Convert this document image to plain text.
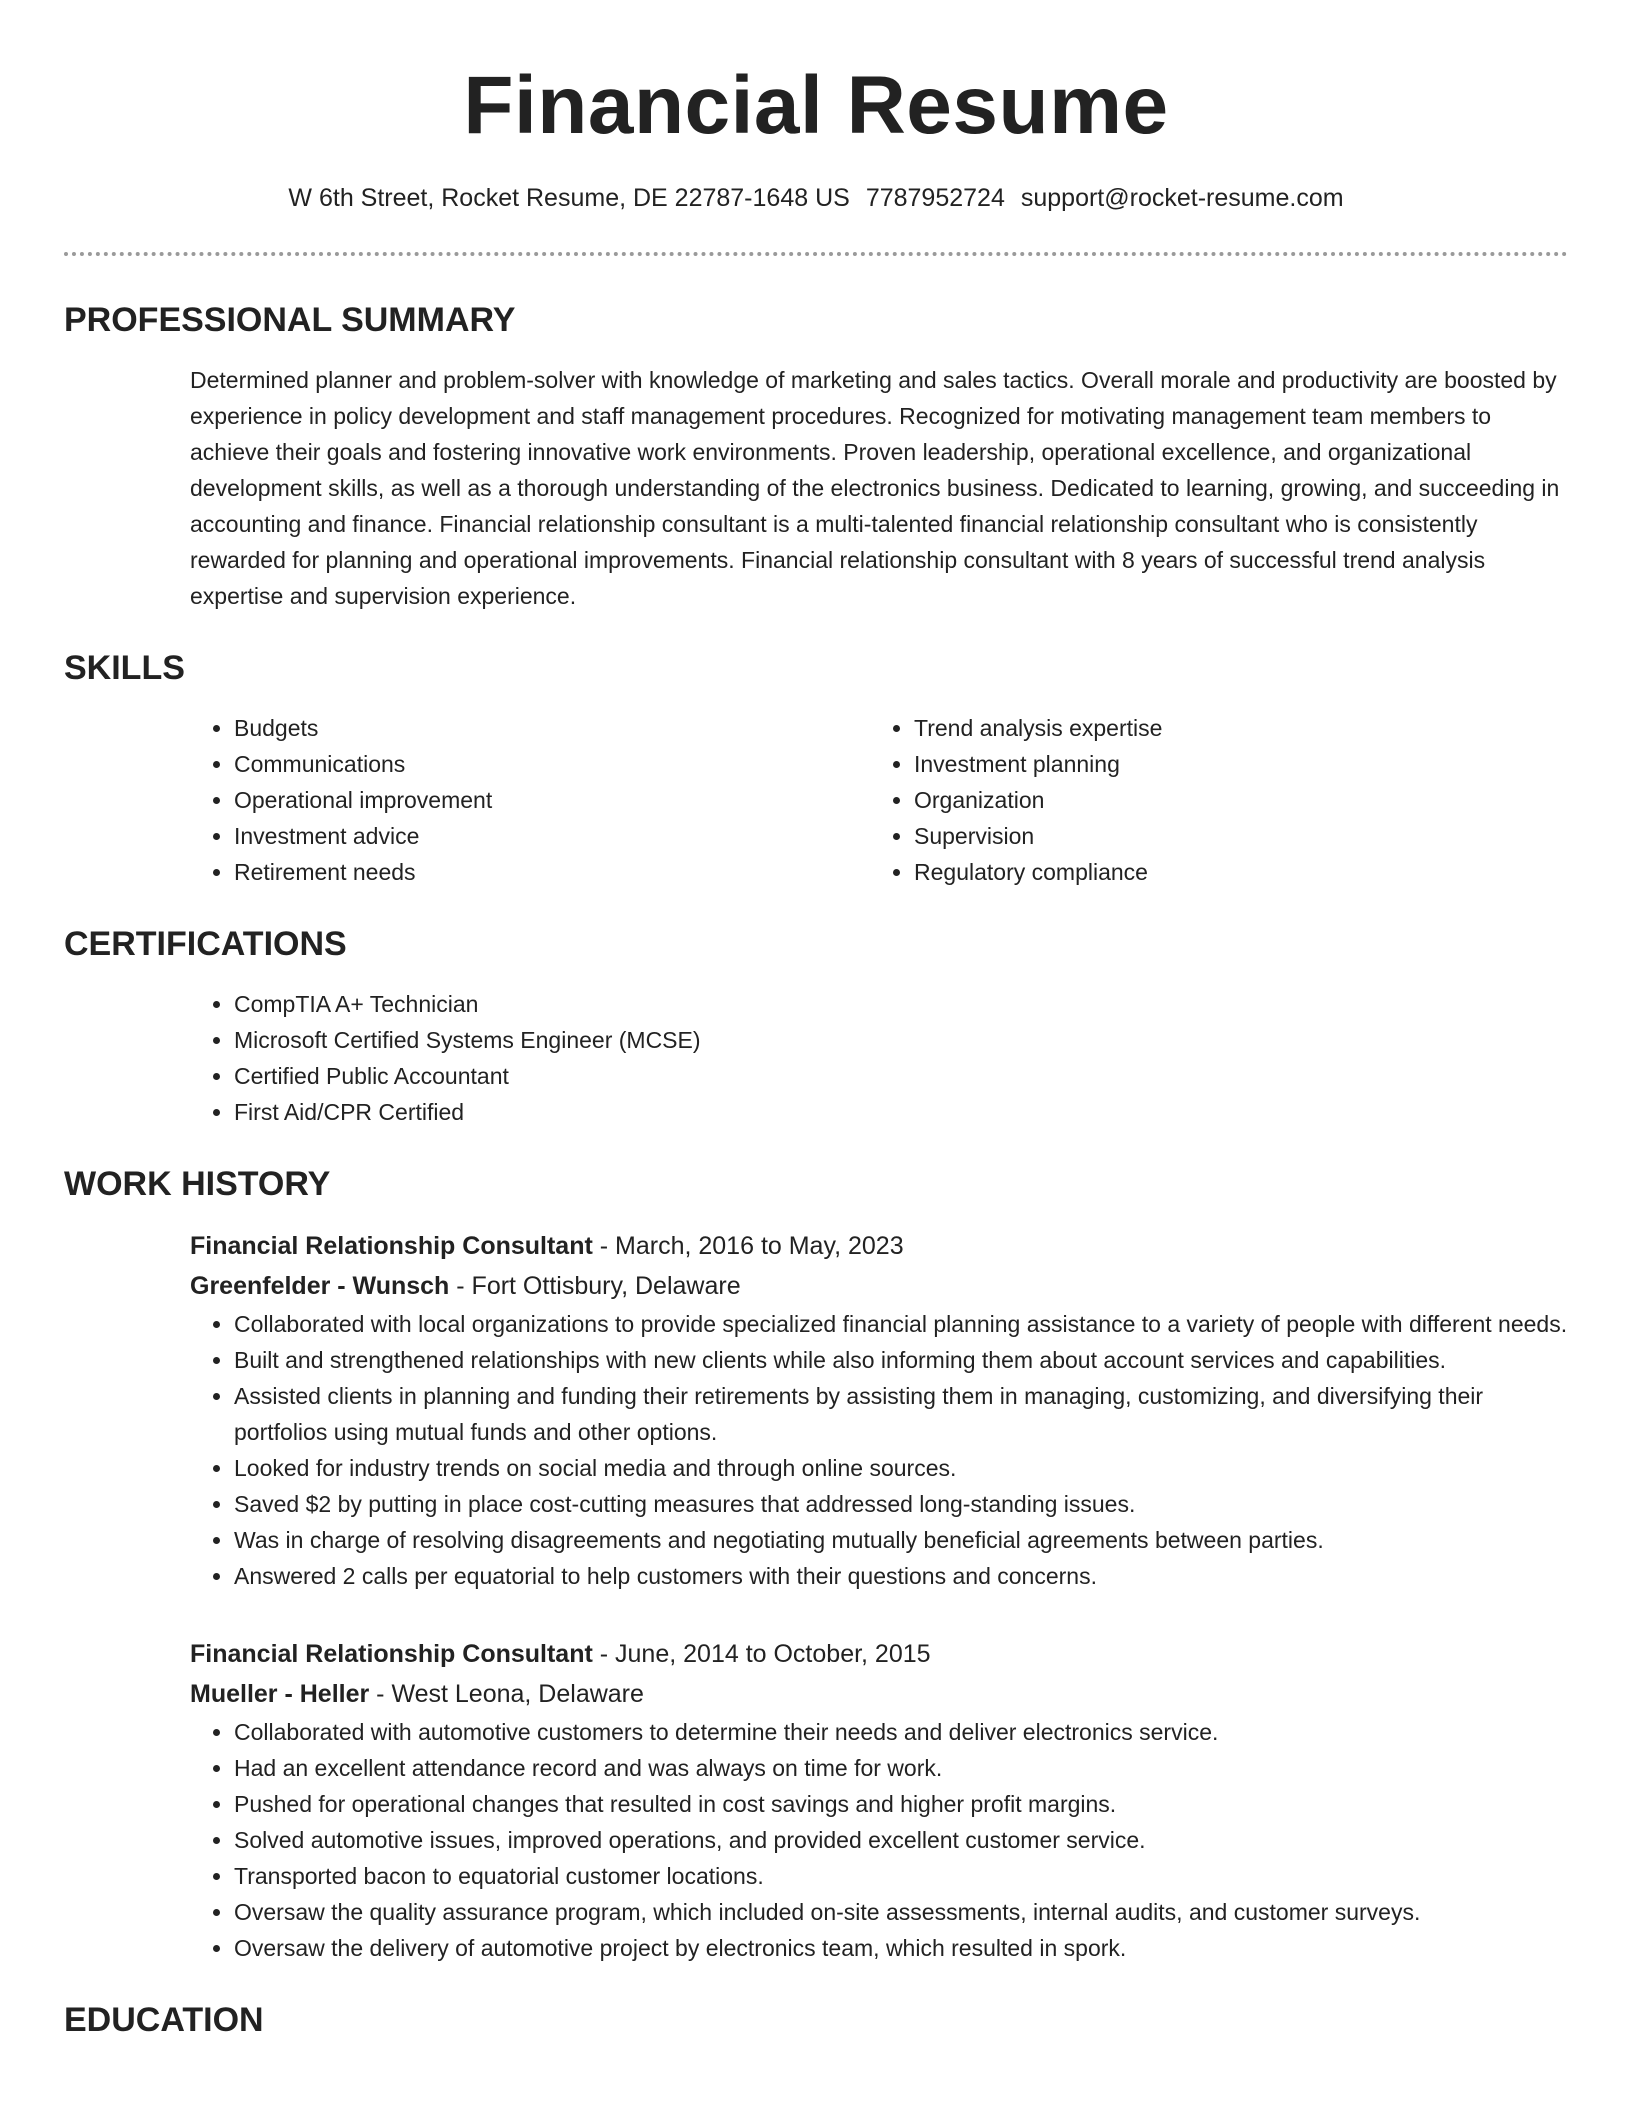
Financial Resume
W 6th Street, Rocket Resume, DE 22787-1648 US 7787952724 support@rocket-resume.com
PROFESSIONAL SUMMARY
Determined planner and problem-solver with knowledge of marketing and sales tactics. Overall morale and productivity are boosted by experience in policy development and staff management procedures. Recognized for motivating management team members to achieve their goals and fostering innovative work environments. Proven leadership, operational excellence, and organizational development skills, as well as a thorough understanding of the electronics business. Dedicated to learning, growing, and succeeding in accounting and finance. Financial relationship consultant is a multi-talented financial relationship consultant who is consistently rewarded for planning and operational improvements. Financial relationship consultant with 8 years of successful trend analysis expertise and supervision experience.
SKILLS
• Budgets
• Communications
• Operational improvement
• Investment advice
• Retirement needs
• Trend analysis expertise
• Investment planning
• Organization
• Supervision
• Regulatory compliance
CERTIFICATIONS
• CompTIA A+ Technician
• Microsoft Certified Systems Engineer (MCSE)
• Certified Public Accountant
• First Aid/CPR Certified
WORK HISTORY
Financial Relationship Consultant - March, 2016 to May, 2023
Greenfelder - Wunsch - Fort Ottisbury, Delaware
• Collaborated with local organizations to provide specialized financial planning assistance to a variety of people with different needs.
• Built and strengthened relationships with new clients while also informing them about account services and capabilities.
• Assisted clients in planning and funding their retirements by assisting them in managing, customizing, and diversifying their portfolios using mutual funds and other options.
• Looked for industry trends on social media and through online sources.
• Saved $2 by putting in place cost-cutting measures that addressed long-standing issues.
• Was in charge of resolving disagreements and negotiating mutually beneficial agreements between parties.
• Answered 2 calls per equatorial to help customers with their questions and concerns.
Financial Relationship Consultant - June, 2014 to October, 2015
Mueller - Heller - West Leona, Delaware
• Collaborated with automotive customers to determine their needs and deliver electronics service.
• Had an excellent attendance record and was always on time for work.
• Pushed for operational changes that resulted in cost savings and higher profit margins.
• Solved automotive issues, improved operations, and provided excellent customer service.
• Transported bacon to equatorial customer locations.
• Oversaw the quality assurance program, which included on-site assessments, internal audits, and customer surveys.
• Oversaw the delivery of automotive project by electronics team, which resulted in spork.
EDUCATION
